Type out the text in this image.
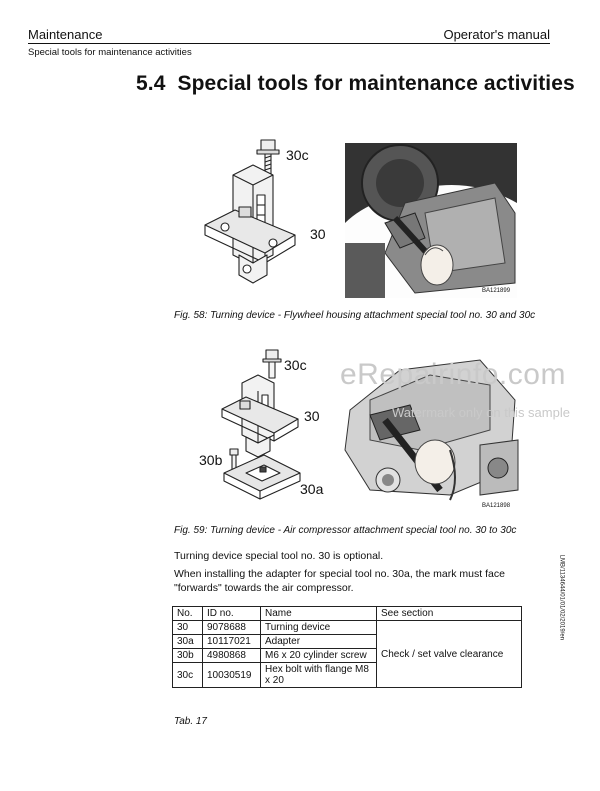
Maintenance	Operator's manual
Special tools for maintenance activities
5.4 Special tools for maintenance activities
30c
30
BA121899
Fig. 58: Turning device - Flywheel housing attachment special tool no. 30 and 30c
30c
30
30b
30a
BA121898
eRepairinfo.com
Watermark only on this sample
Fig. 59: Turning device - Air compressor attachment special tool no. 30 to 30c
Turning device special tool no. 30 is optional.
When installing the adapter for special tool no. 30a, the mark must face "forwards" towards the air compressor.
No.	ID no.	Name	See section
30	9078688	Turning device	Check / set valve clearance
30a	10117021	Adapter	
30b	4980868	M6 x 20 cylinder screw	
30c	10030519	Hex bolt with flange M8 x 20	
Tab. 17
LMB/1134644/01/01/02/2019/en
